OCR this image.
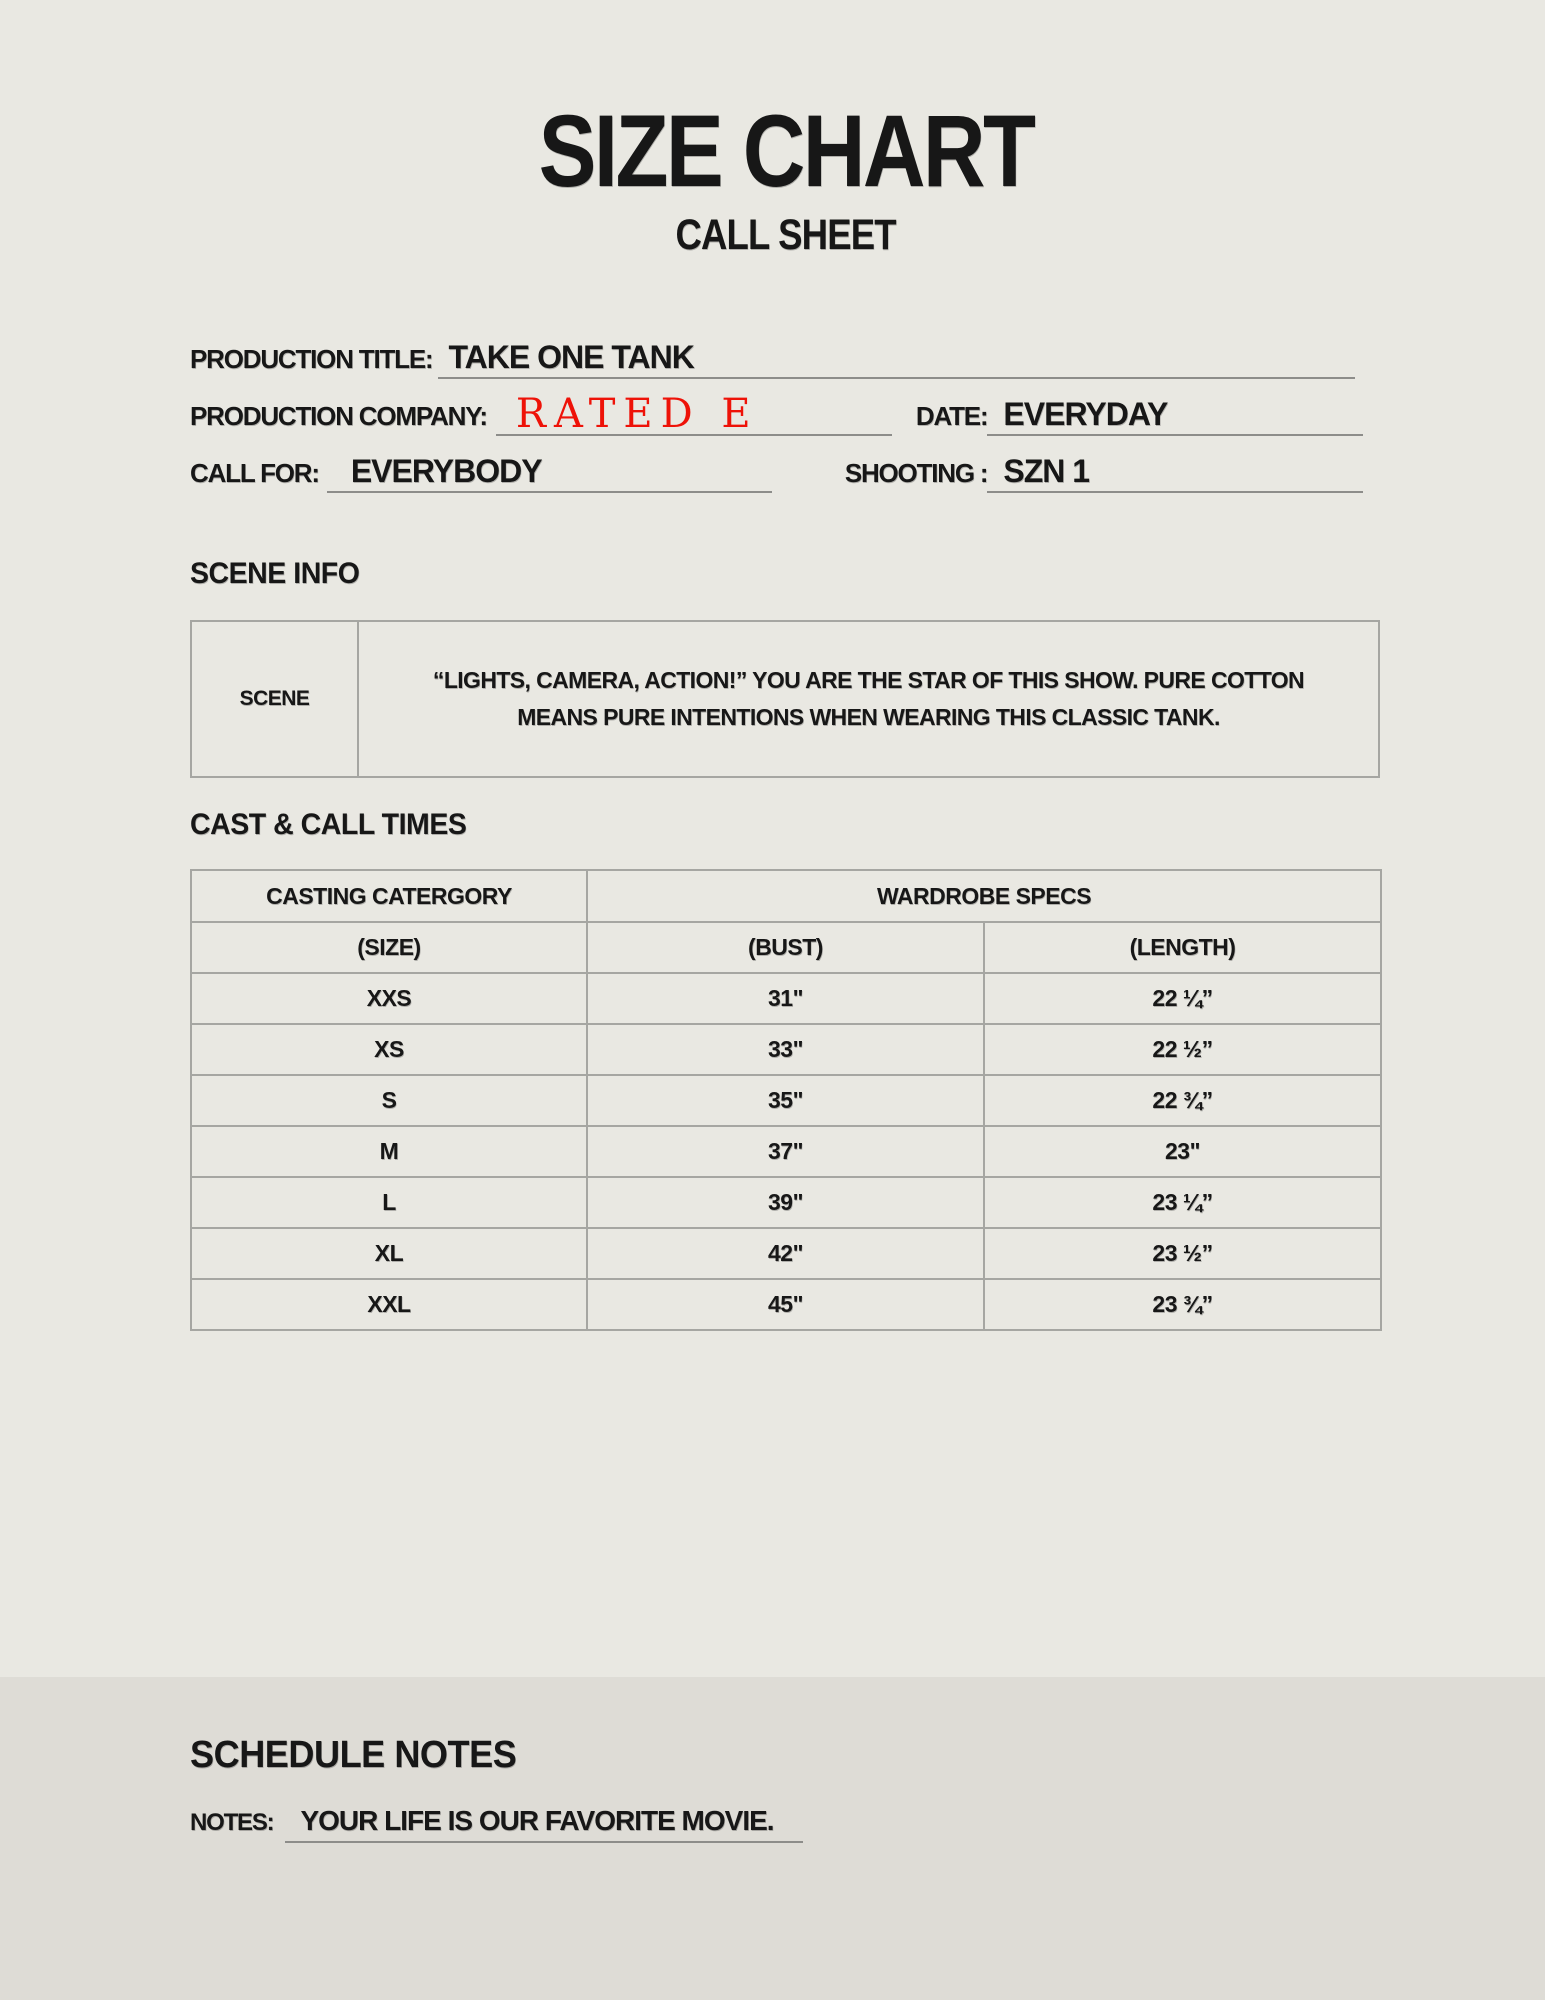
SIZE CHART
CALL SHEET
PRODUCTION TITLE: TAKE ONE TANK
PRODUCTION COMPANY: RATED E	DATE: EVERYDAY
CALL FOR:	EVERYBODY	SHOOTING : SZN 1
SCENE INFO
SCENE	“LIGHTS, CAMERA, ACTION!” YOU ARE THE STAR OF THIS SHOW. PURE COTTON MEANS PURE INTENTIONS WHEN WEARING THIS CLASSIC TANK.
CAST & CALL TIMES
CASTING CATERGORY	WARDROBE SPECS	
(SIZE)	(BUST)	(LENGTH)
XXS	31"	22 ¼”
XS	33"	22 ½”
S	35"	22 ¾”
M	37"	23"
L	39"	23 ¼”
XL	42"	23 ½”
XXL	45"	23 ¾”
SCHEDULE NOTES
NOTES: YOUR LIFE IS OUR FAVORITE MOVIE.
